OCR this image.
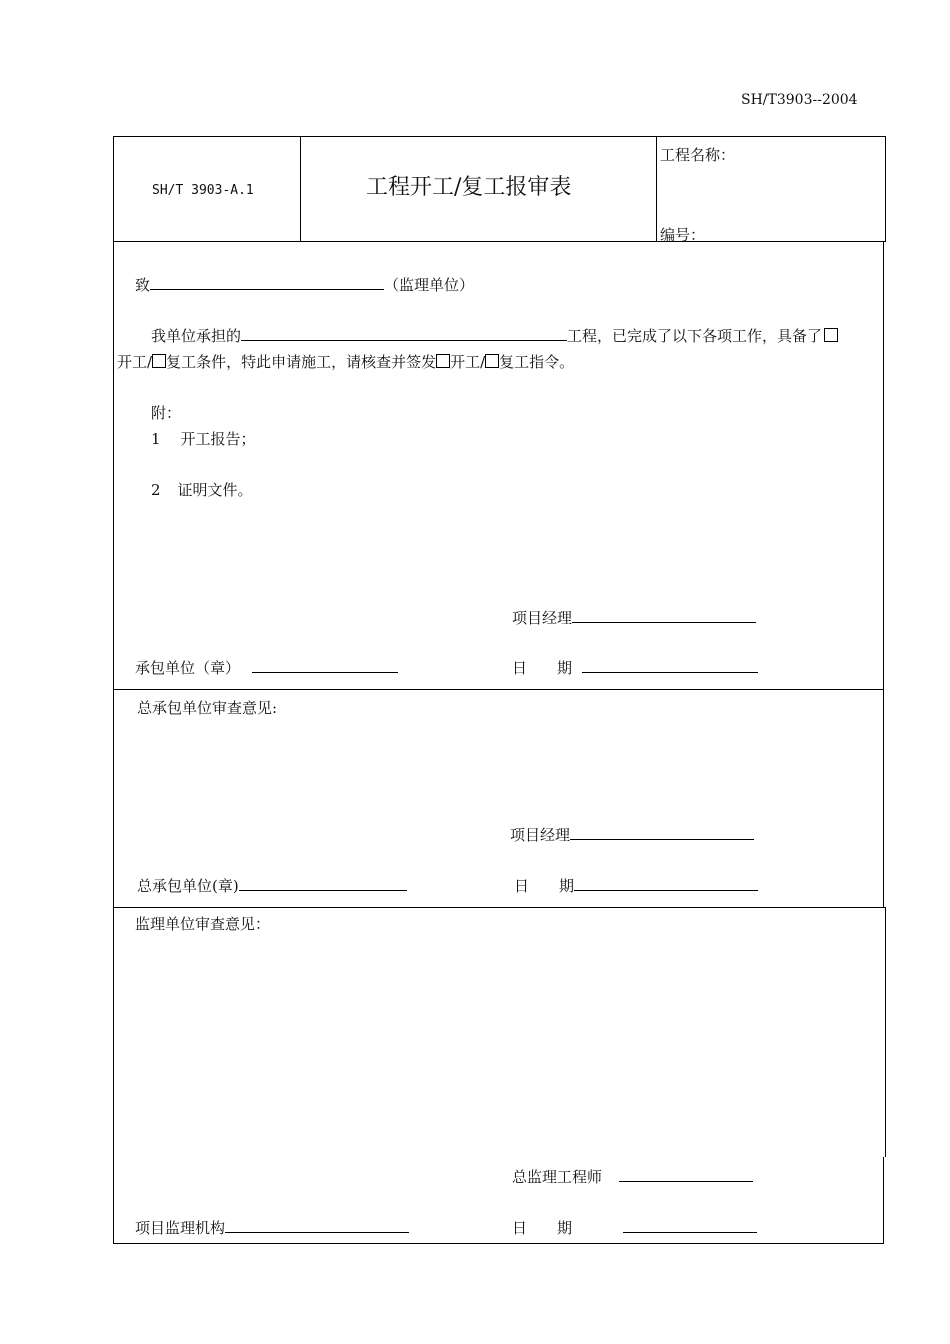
SH/T3903--2004
SH/T 3903-A.1	工程开工/复工报审表
工程名称：
编号：
致	（监理单位）
我单位承担的	工程，已完成了以下各项工作，具备了
开工/ 复工条件，特此申请施工，请核查并签发 开工/ 复工指令。
附：
1 开工报告；
2 证明文件。
项目经理
承包单位（章）	日　　期
总承包单位审查意见:
项目经理
总承包单位(章)	日　　期
监理单位审查意见：
总监理工程师
项目监理机构	日　　期
